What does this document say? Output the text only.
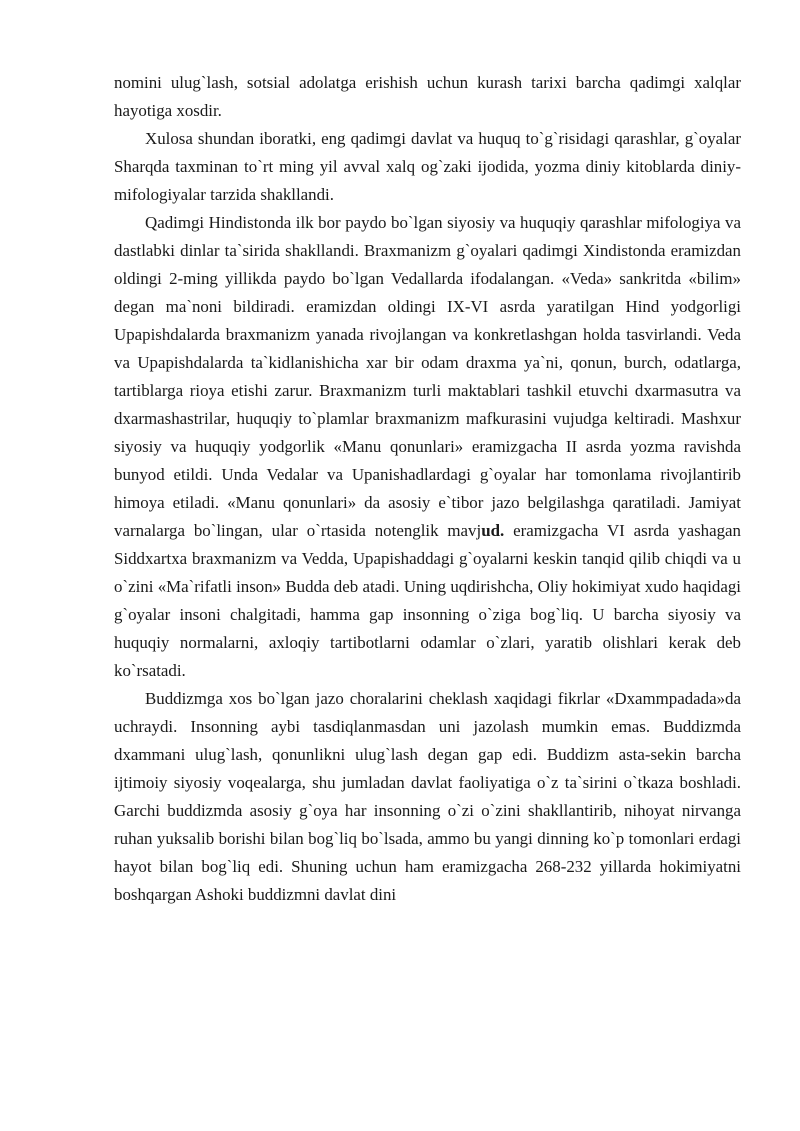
nomini ulug`lash, sotsial adolatga erishish uchun kurash tarixi barcha qadimgi xalqlar hayotiga xosdir.

Xulosa shundan iboratki, eng qadimgi davlat va huquq to`g`risidagi qarashlar, g`oyalar Sharqda taxminan to`rt ming yil avval xalq og`zaki ijodida, yozma diniy kitoblarda diniy-mifologiyalar tarzida shakllandi.

Qadimgi Hindistonda ilk bor paydo bo`lgan siyosiy va huquqiy qarashlar mifologiya va dastlabki dinlar ta`sirida shakllandi. Braxmanizm g`oyalari qadimgi Xindistonda eramizdan oldingi 2-ming yillikda paydo bo`lgan Vedallarda ifodalangan. «Veda» sankritda «bilim» degan ma`noni bildiradi. eramizdan oldingi IX-VI asrda yaratilgan Hind yodgorligi Upapishdalarda braxmanizm yanada rivojlangan va konkretlashgan holda tasvirlandi. Veda va Upapishdalarda ta`kidlanishicha xar bir odam draxma ya`ni, qonun, burch, odatlarga, tartiblarga rioya etishi zarur. Braxmanizm turli maktablari tashkil etuvchi dxarmasutra va dxarmashastrilar, huquqiy to`plamlar braxmanizm mafkurasini vujudga keltiradi. Mashxur siyosiy va huquqiy yodgorlik «Manu qonunlari» eramizgacha II asrda yozma ravishda bunyod etildi. Unda Vedalar va Upanishadlardagi g`oyalar har tomonlama rivojlantirib himoya etiladi. «Manu qonunlari» da asosiy e`tibor jazo belgilashga qaratiladi. Jamiyat varnalarga bo`lingan, ular o`rtasida notenglik mavjud. eramizgacha VI asrda yashagan Siddxartxa braxmanizm va Vedda, Upapishaddagi g`oyalarni keskin tanqid qilib chiqdi va u o`zini «Ma`rifatli inson» Budda deb atadi. Uning uqdirishcha, Oliy hokimiyat xudo haqidagi g`oyalar insoni chalgitadi, hamma gap insonning o`ziga bog`liq. U barcha siyosiy va huquqiy normalarni, axloqiy tartibotlarni odamlar o`zlari, yaratib olishlari kerak deb ko`rsatadi.

Buddizmga xos bo`lgan jazo choralarini cheklash xaqidagi fikrlar «Dxammpadada»da uchraydi. Insonning aybi tasdiqlanmasdan uni jazolash mumkin emas. Buddizmda dxammani ulug`lash, qonunlikni ulug`lash degan gap edi. Buddizm asta-sekin barcha ijtimoiy siyosiy voqealarga, shu jumladan davlat faoliyatiga o`z ta`sirini o`tkaza boshladi. Garchi buddizmda asosiy g`oya har insonning o`zi o`zini shakllantirib, nihoyat nirvanga ruhan yuksalib borishi bilan bog`liq bo`lsada, ammo bu yangi dinning ko`p tomonlari erdagi hayot bilan bog`liq edi. Shuning uchun ham eramizgacha 268-232 yillarda hokimiyatni boshqargan Ashoki buddizmni davlat dini
